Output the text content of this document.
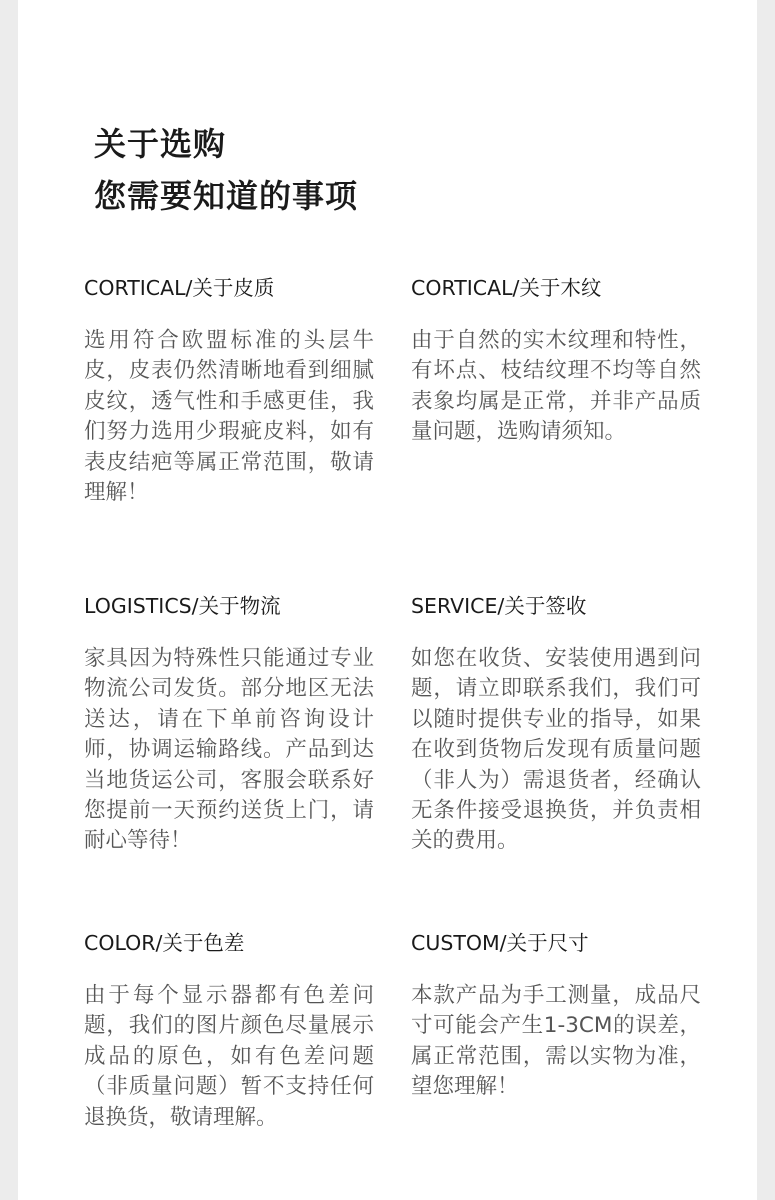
关于选购
您需要知道的事项
CORTICAL/关于皮质

选用符合欧盟标准的头层牛皮，皮表仍然清晰地看到细腻皮纹，透气性和手感更佳，我们努力选用少瑕疵皮料，如有表皮结疤等属正常范围，敬请理解！

CORTICAL/关于木纹

由于自然的实木纹理和特性，有坏点、枝结纹理不均等自然表象均属是正常，并非产品质量问题，选购请须知。

LOGISTICS/关于物流

家具因为特殊性只能通过专业物流公司发货。部分地区无法送达，请在下单前咨询设计师，协调运输路线。产品到达当地货运公司，客服会联系好您提前一天预约送货上门，请耐心等待！

SERVICE/关于签收

如您在收货、安装使用遇到问题，请立即联系我们，我们可以随时提供专业的指导，如果在收到货物后发现有质量问题（非人为）需退货者，经确认无条件接受退换货，并负责相关的费用。

COLOR/关于色差

由于每个显示器都有色差问题，我们的图片颜色尽量展示成品的原色，如有色差问题（非质量问题）暂不支持任何退换货，敬请理解。

CUSTOM/关于尺寸

本款产品为手工测量，成品尺寸可能会产生1-3CM的误差，属正常范围，需以实物为准，望您理解！
